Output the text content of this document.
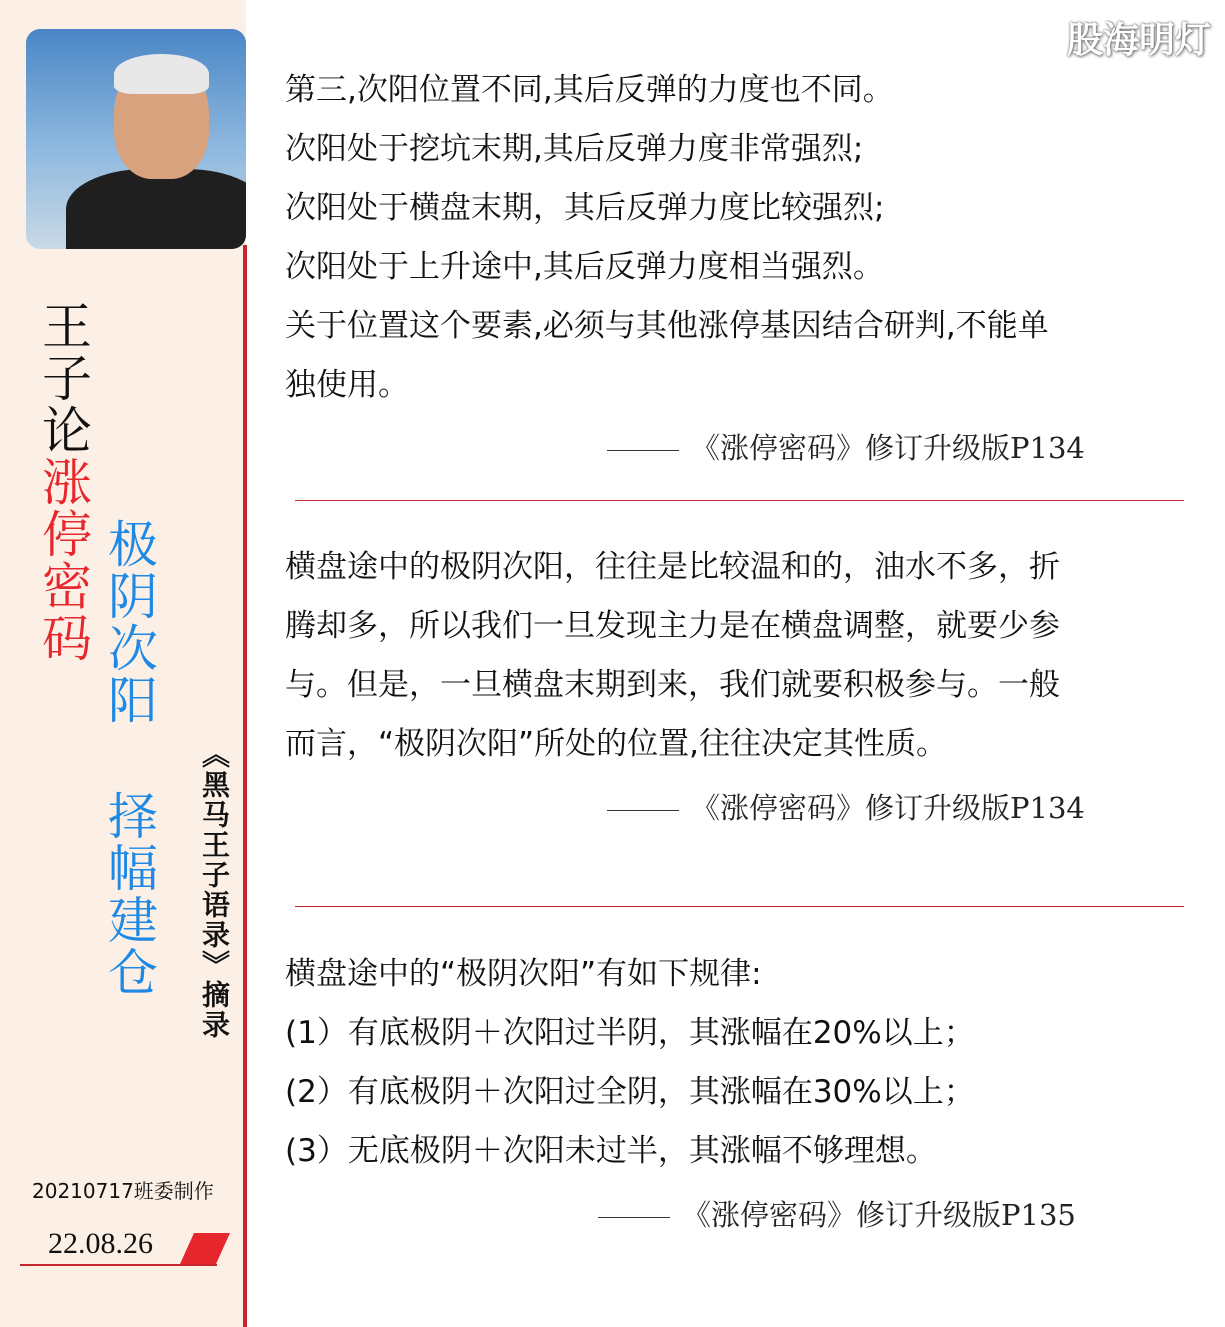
王子论涨停密码 极阴次阳
择幅建仓 《黑马王子语录》摘录
20210717班委制作
22.08.26
股海明灯
第三,次阳位置不同,其后反弹的力度也不同。
次阳处于挖坑末期,其后反弹力度非常强烈;
次阳处于横盘末期，其后反弹力度比较强烈;
次阳处于上升途中,其后反弹力度相当强烈。
关于位置这个要素,必须与其他涨停基因结合研判,不能单
独使用。
《涨停密码》修订升级版P134
横盘途中的极阴次阳，往往是比较温和的，油水不多，折
腾却多，所以我们一旦发现主力是在横盘调整，就要少参
与。但是，一旦横盘末期到来，我们就要积极参与。一般
而言，“极阴次阳”所处的位置,往往决定其性质。
《涨停密码》修订升级版P134
横盘途中的“极阴次阳”有如下规律:
(1）有底极阴＋次阳过半阴，其涨幅在20%以上；
(2）有底极阴＋次阳过全阴，其涨幅在30%以上；
(3）无底极阴＋次阳未过半，其涨幅不够理想。
《涨停密码》修订升级版P135
